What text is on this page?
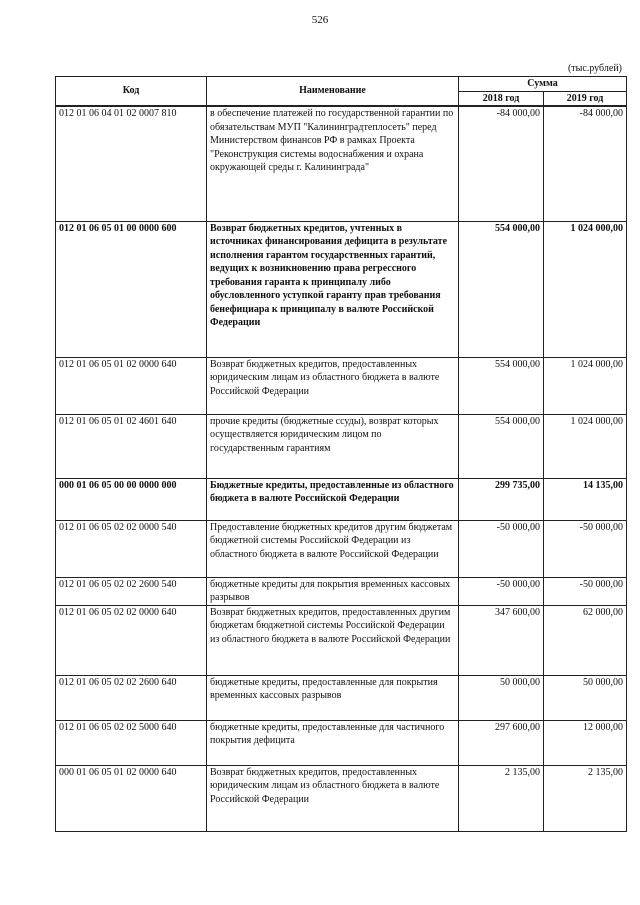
526
(тыс.рублей)
Код	Наименование	Сумма	
		2018 год	2019 год
012 01 06 04 01 02 0007 810	в обеспечение платежей по государственной гарантии по обязательствам МУП "Калининградтеплосеть" перед Министерством финансов РФ в рамках Проекта "Реконструкция системы водоснабжения и охрана окружающей среды г. Калининграда"	-84 000,00	-84 000,00
012 01 06 05 01 00 0000 600	Возврат бюджетных кредитов, учтенных в источниках финансирования дефицита в результате исполнения гарантом государственных гарантий, ведущих к возникновению права регрессного требования гаранта к принципалу либо обусловленного уступкой гаранту прав требования бенефициара к принципалу в валюте Российской Федерации	554 000,00	1 024 000,00
012 01 06 05 01 02 0000 640	Возврат бюджетных кредитов, предоставленных юридическим лицам из областного бюджета в валюте Российской Федерации	554 000,00	1 024 000,00
012 01 06 05 01 02 4601 640	прочие кредиты (бюджетные ссуды), возврат которых осуществляется юридическим лицом по государственным гарантиям	554 000,00	1 024 000,00
000 01 06 05 00 00 0000 000	Бюджетные кредиты, предоставленные из областного бюджета в валюте Российской Федерации	299 735,00	14 135,00
012 01 06 05 02 02 0000 540	Предоставление бюджетных кредитов другим бюджетам бюджетной системы Российской Федерации из областного бюджета в валюте Российской Федерации	-50 000,00	-50 000,00
012 01 06 05 02 02 2600 540	бюджетные кредиты для покрытия временных кассовых разрывов	-50 000,00	-50 000,00
012 01 06 05 02 02 0000 640	Возврат бюджетных кредитов, предоставленных другим бюджетам бюджетной системы Российской Федерации из областного бюджета в валюте Российской Федерации	347 600,00	62 000,00
012 01 06 05 02 02 2600 640	бюджетные кредиты, предоставленные для покрытия временных кассовых разрывов	50 000,00	50 000,00
012 01 06 05 02 02 5000 640	бюджетные кредиты, предоставленные для частичного покрытия дефицита	297 600,00	12 000,00
000 01 06 05 01 02 0000 640	Возврат бюджетных кредитов, предоставленных юридическим лицам из областного бюджета в валюте Российской Федерации	2 135,00	2 135,00
